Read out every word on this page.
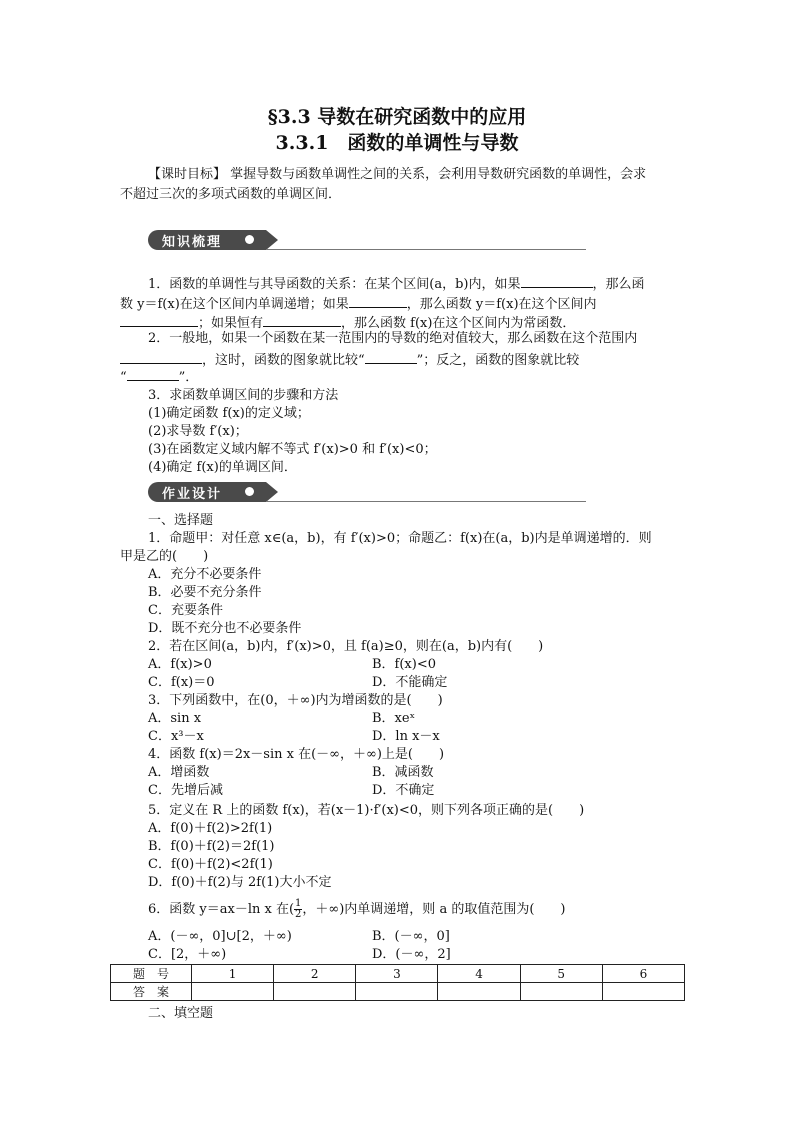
§3.3 导数在研究函数中的应用
3.3.1　函数的单调性与导数
【课时目标】 掌握导数与函数单调性之间的关系，会利用导数研究函数的单调性，会求
不超过三次的多项式函数的单调区间．
知识梳理
1．函数的单调性与其导函数的关系：在某个区间(a，b)内，如果	，那么函
数 y＝f(x)在这个区间内单调递增；如果	，那么函数 y＝f(x)在这个区间内
；如果恒有	，那么函数 f(x)在这个区间内为常函数．
2．一般地，如果一个函数在某一范围内的导数的绝对值较大，那么函数在这个范围内
，这时，函数的图象就比较“	”；反之，函数的图象就比较
“	”．
3．求函数单调区间的步骤和方法
(1)确定函数 f(x)的定义域；
(2)求导数 f′(x)；
(3)在函数定义域内解不等式 f′(x)>0 和 f′(x)<0；
(4)确定 f(x)的单调区间．
作业设计
一、选择题
1．命题甲：对任意 x∈(a，b)，有 f′(x)>0；命题乙：f(x)在(a，b)内是单调递增的．则
甲是乙的(　　)
A．充分不必要条件
B．必要不充分条件
C．充要条件
D．既不充分也不必要条件
2．若在区间(a，b)内，f′(x)>0，且 f(a)≥0，则在(a，b)内有(　　)
A．f(x)>0	B．f(x)<0
C．f(x)＝0	D．不能确定
3．下列函数中，在(0，＋∞)内为增函数的是(　　)
A．sin x	B．xeˣ
C．x³－x	D．ln x－x
4．函数 f(x)＝2x－sin x 在(－∞，＋∞)上是(　　)
A．增函数	B．减函数
C．先增后减	D．不确定
5．定义在 R 上的函数 f(x)，若(x－1)·f′(x)<0，则下列各项正确的是(　　)
A．f(0)＋f(2)>2f(1)
B．f(0)＋f(2)＝2f(1)
C．f(0)＋f(2)<2f(1)
D．f(0)＋f(2)与 2f(1)大小不定
6．函数 y＝ax－ln x 在( $\frac{1}{2}$ ，＋∞)内单调递增，则 a 的取值范围为(　　)
A．(－∞，0]∪[2，＋∞)	B．(－∞，0]
C．[2，＋∞)	D．(－∞，2]
题　号	1	2	3	4	5	6
答　案						
二、填空题
